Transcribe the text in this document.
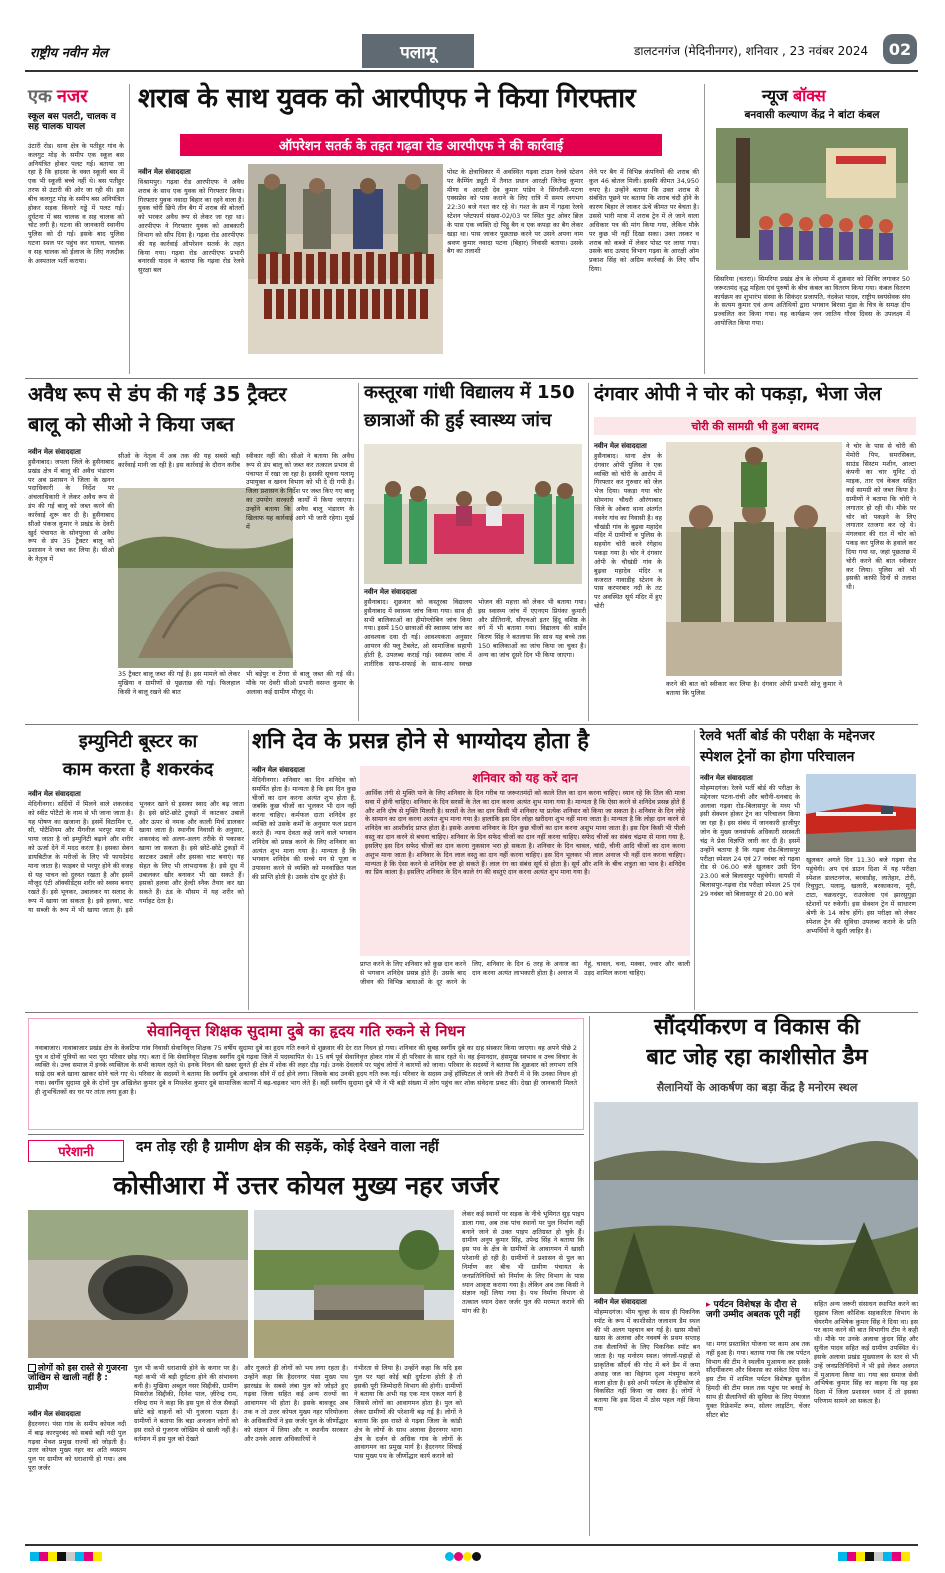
राष्ट्रीय नवीन मेल	पलामू	डालटनगंज (मेदिनीनगर), शनिवार , 23 नवंबर 2024	02
एक नजर
स्कूल बस पलटी, चालक व सह चालक घायल
उंटारी रोड। थाना क्षेत्र के पतीहुर गांव के कलगुट मोड़ के समीप एक स्कूल बस अनियंत्रित होकर पलट गई। बताया जा रहा है कि हादसा के वक्त स्कूली बस में एक भी स्कूली बच्चे नहीं थे। बस पतीहुर तरफ से उंटारी की ओर जा रही थी। इस बीच कलगुट मोड़ के समीप बस अनियंत्रित होकर सड़क किनारे गड्ढे में पलट गई। दुर्घटना में बस चालक व सह चालक को चोट लगी है। घटना की जानकारी स्थानीय पुलिस को दी गई। इसके बाद पुलिस घटना स्थल पर पहुंच कर घायल, चालक व सह चालक को ईलाज के लिए नजदीक के अस्पताल भर्ती कराया।
शराब के साथ युवक को आरपीएफ ने किया गिरफ्तार
ऑपरेशन सतर्क के तहत गढ़वा रोड आरपीएफ ने की कार्रवाई
नवीन मेल संवाददाता
विश्रामपुर। गढ़वा रोड आरपीएफ ने अवैध शराब के साथ एक युवक को गिरफ्तार किया। गिरफ्तार युवक नवादा बिहार का रहने वाला है। युवक चोरी छिपे तीन बैग में शराब की बोतलों को भरकर अवैध रूप से लेकर जा रहा था। आरपीएफ ने गिरफ्तार युवक को आबकारी विभाग को सौंप दिया है। गढ़वा रोड आरपीएफ की यह कार्रवाई ऑपरेशन सतर्क के तहत किया गया। गढ़वा रोड आरपीएफ प्रभारी बनारसी यादव ने बताया कि गढ़वा रोड रेलवे सुरक्षा बल
पोस्ट के क्षेत्राधिकार में अवस्थित गढ़वा टाउन रेलवे स्टेशन पर कैम्पिंग ड्यूटी में तैनात प्रधान आरक्षी जितेन्द्र कुमार मीणा व आरक्षी देव कुमार पांडेय ने सिंगरौली-पटना एक्सप्रेस को पास कराने के लिए रात्रि में समय लगभग 22:30 बजे गश्त कर रहे थे। गश्त के क्रम में गढ़वा रेलवे स्टेशन प्लेटफार्म संख्या-02/03 पर स्थित फुट ओवर ब्रिज के पास एक व्यक्ति दो पिट्ठू बैग व एक कपड़ा का बैग लेकर खड़ा था। पास जाकर पूछताछ करने पर उसने अपना नाम श्रवण कुमार नवादा पटना (बिहार) निवासी बताया। उसके बैग का तलाशी
लेने पर बैग में विभिन्न कंपनियों की शराब की कुल 46 बोतल मिली। इसकी कीमत 34,950 रुपए है। उन्होंने बताया कि उक्त शराब से संबंधित पूछने पर बताया कि शराब चंदौ होने के कारण बिहार ले जाकर ऊंचे कीमत पर बेचता है। उससे भारी मात्रा में शराब ट्रेन में ले जाने वाला अधिकार पत्र की मांग किया गया, लेकिन मौके पर कुछ भी नहीं दिखा सका। उक्त तस्कर व शराब को कब्जे में लेकर पोस्ट पर लाया गया। उसके बाद उत्पाद विभाग गढ़वा के आरक्षी ओम प्रकाश सिंह को अग्रिम कार्रवाई के लिए सौंप दिया।
न्यूज बॉक्स
बनवासी कल्याण केंद्र ने बांटा कंबल
सिसरिया (चतरा)। सिमरिया प्रखंड क्षेत्र के लोधमा में शुक्रवार को शिविर लगाकर 50 जरूरतमंद वृद्ध महिला एवं पुरुषों के बीच कंबल का वितरण किया गया। कंबल वितरण कार्यक्रम का शुभारंभ संस्था के सिकंदर प्रजापति, नंदकेश यादव, राष्ट्रीय स्वयंसेवक संघ के सत्यम कुमार एवं अन्य अतिथियों द्वारा भगवान बिरसा मुंडा के चित्र के समक्ष दीप प्रज्वलित कर किया गया। यह कार्यक्रम जन जातिय गौरव दिवस के उपलक्ष्य में आयोजित किया गया।
अवैध रूप से डंप की गई 35 ट्रैक्टर
बालू को सीओ ने किया जब्त
नवीन मेल संवाददाता
हुसैनाबाद। जपला जिले के हुसैनाबाद प्रखंड क्षेत्र में बालू की अवैध भंडारण पर अब प्रशासन ने जिला के खनन पदाधिकारी के निर्देश पर अंचलाधिकारी ने लेकर अवैध रूप से डंप की गई बालू को जब्त करने की कार्रवाई शुरू कर दी है। हुसैनाबाद सीओ पंकज कुमार ने प्रखंड के देवरी खुर्द पंचायत के सोनपुरवा से अवैध रूप से डंप 35 ट्रैक्टर बालू को प्रशासन ने जब्त कर लिया है। सीओ के नेतृत्व में
सीओ के नेतृत्व में अब तक की यह सबसे बड़ी कार्रवाई मानी जा रही है। इस कार्रवाई के दौरान करीब
35 ट्रैक्टर बालू जब्त की गई है। इस मामले को लेकर मुखिया व ग्रामीणों से पूछताछ की गई। फिलहाल किसी ने बालू रखने की बात
स्वीकार नहीं की। सीओ ने बताया कि अवैध रूप से डंप बालू को जब्त कर तत्काल प्रभाव से पंचायत में रखा जा रहा है। इसकी सूचना पलामू उपायुक्त व खनन विभाग को भी दे दी गयी है। जिला प्रशासन के निर्देश पर जब्त किए गए बालू का उपयोग सरकारी कार्यों में किया जाएगा। उन्होंने बताया कि अवैध बालू भंडारण के खिलाफ यह कार्रवाई आगे भी जारी रहेगा। मूर्ख में
भी बड़ेपुर व टेंगरा से बालू जब्त की गई थी। मौके पर देवरी सीओ प्रभारी वसन्त कुमार के अलावा कई ग्रामीण मौजूद थे।
कस्तूरबा गांधी विद्यालय में 150
छात्राओं की हुई स्वास्थ्य जांच
नवीन मेल संवाददाता
हुसैनाबाद। शुक्रवार को कस्तूरबा विद्यालय हुसैनाबाद में स्वास्थ्य जांच किया गया। साथ ही सभी बालिकाओं का हीमोग्लोबिन जांच किया गया। इसमें 150 छात्राओं की स्वास्थ्य जांच कर आवश्यक दवा दी गई। आवश्यकता अनुसार आयरन की फ्लू टैबलेट, ओ सामाजिक सहायी होती है, उपलब्ध कराई गई। स्वास्थ्य जांच में शारीरिक साफ-सफाई के साथ-साथ स्वच्छ भोजन की महत्ता को लेकर भी बताया गया। इस स्वास्थ्य जांच में एएनएम प्रियंका कुमारी और प्रीतिरानी, सीएचओ इतर हिंदू वशिष्ठ के वर्ग में भी बताया गया। विद्यालय की वार्डेन किरण सिंह ने बतलाया कि साथ यह बच्चे तक 150 बालिकाओं का जांच किया जा चुका है। अन्य का जांच दूसरे दिन भी किया जाएगा।
दंगवार ओपी ने चोर को पकड़ा, भेजा जेल
चोरी की सामग्री भी हुआ बरामद
नवीन मेल संवाददाता
हुसैनाबाद। थाना क्षेत्र के दंगवार ओपी पुलिस ने एक व्यक्ति को चोरी के आरोप में गिरफ्तार कर गुरुवार को जेल भेज दिया। पकड़ा गया चोर सोमनाथ चौधरी औरंगाबाद जिले के ओबरा थाना अंतर्गत नवनेर गांव का निवासी है। वह चौखंडी गांव के बुढ़वा महादेव मंदिर में ग्रामीणों व पुलिस के सहयोग चोरी करने रंगेहाथ पकड़ा गया है। चोर ने दंगवार ओपी के चौखंडी गांव के बुढ़वा महादेव मंदिर व कजरात नावाडीह स्टेशन के पास करपरबार नदी के तट पर अवस्थित सूर्य मंदिर में हुए चोरी
करने की बात को स्वीकार कर लिया है। दंगवार ओपी प्रभारी सोनू कुमार ने बताया कि पुलिस
ने चोर के पास से चोरी की मेमोरी पिप, समरसिबल, साउंड सिस्टम मशीन, आल्टा कंपनी का चार यूनिट दो माइक, तार एवं केबल सहित कई सामग्री को जब्त किया है। ग्रामीणों ने बताया कि चोरी ने लगातार हो रही थी। मौके पर चोर को पकड़ने के लिए लगातार रतजगा कर रहे थे। मंगलवार की रात में चोर को पकड़ कर पुलिस के हवाले कर दिया गया था, जहां पूछताछ में चोरी करने की बात स्वीकार कर लिया। पुलिस को भी इसकी काफी दिनों से तलाश थी।
इम्युनिटी बूस्टर का
काम करता है शकरकंद
नवीन मेल संवाददाता
मेदिनीनगर। सर्दियों में मिलने वाले शकरकंद को स्वीट पोटैटो के नाम से भी जाना जाता है। यह पोषण का खजाना है। इसमें विटामिन ए, सी, पोटैशियम और मैंगनीज भरपूर मात्रा में पाया जाता है जो इम्युनिटी बढ़ाने और शरीर को ऊर्जा देने में मदद करता है। इसका सेवन डायबिटीज के मरीजों के लिए भी फायदेमंद माना जाता है। फाइबर से भरपूर होने की वजह से यह पाचन को दुरुस्त रखता है और इसमें मौजूद एंटी ऑक्सीडेंट्स शरीर को स्वस्थ बनाए रखते हैं। इसे भूनकर, उबालकर या सलाद के रूप में खाया जा सकता है। इसे हलवा, चाट या सब्जी के रूप में भी खाया जाता है। इसे भूनकर खाने से इसका स्वाद और बढ़ जाता है। इसे छोटे-छोटे टुकड़ों में काटकर उबालें और ऊपर से नमक और काली मिर्च डालकर खाया जाता है। स्थानीय निवासी के अनुसार, शकरकंद को अलग-अलग तरीके से पकाकर खाया जा सकता है। इसे छोटे-छोटे टुकड़ों में काटकर उबालें और इसका चाट बनाएं। यह सेहत के लिए भी लाभदायक है। इसे दूध में उबालकर खीर बनाकर भी खा सकते हैं। इसको हलवा और हेल्दी स्नैक तैयार कर खा सकते हैं। ठंड के मौसम में यह शरीर को गर्माहट देता है।
शनि देव के प्रसन्न होने से भाग्योदय होता है
नवीन मेल संवाददाता
मेदिनीनगर। शनिवार का दिन शनिदेव को समर्पित होता है। मान्यता है कि इस दिन कुछ चीजों का दान करना अत्यंत शुभ होता है, जबकि कुछ चीजों का भूलकर भी दान नहीं करना चाहिए। कर्मफल दाता शनिदेव हर व्यक्ति को उसके कर्मों के अनुसार फल प्रदान करते हैं। न्याय देवता कहे जाने वाले भगवान शनिदेव को प्रसन्न करने के लिए शनिवार का अत्यंत शुभ माना गया है। मान्यता है कि भगवान शनिदेव की सच्चे मन से पूजा व उपासना करने से व्यक्ति को मनवांछित फल की प्राप्ति होती है। उसके दोष दूर होते हैं।
शनिवार को यह करें दान
आर्थिक तंगी से मुक्ति पाने के लिए शनिवार के दिन गरीब या जरूरतमंदों को काले तिल का दान करना चाहिए। ध्यान रहे कि तिल की मात्रा सवा में होनी चाहिए। शनिवार के दिन सरसों के तेल का दान करना अत्यंत शुभ माना गया है। मान्यता है कि ऐसा करने से शनिदेव प्रसन्न होते हैं और शनि दोष से मुक्ति मिलती है। सरसों के तेल का दान किसी भी शनिवार या प्रत्येक शनिवार को किया जा सकता है। शनिवार के दिन लोहे के सामान का दान करना अत्यंत शुभ माना गया है। हालांकि इस दिन लोहा खरीदना शुभ नहीं माना जाता है। मान्यता है कि लोहा दान करने से शनिदेव का आशीर्वाद प्राप्त होता है। इसके अलावा शनिवार के दिन कुछ चीजों का दान करना अशुभ माना जाता है। इस दिन किसी भी पीली वस्तु का दान करने से बचना चाहिए। शनिवार के दिन सफेद चीजों का दान नहीं करना चाहिए। सफेद चीजों का संबंध चंद्रमा से माना गया है, इसलिए इस दिन सफेद चीजों का दान करना नुकसान भरा हो सकता है। शनिवार के दिन चावल, चांदी, चीनी आदि चीजों का दान करना अशुभ माना जाता है। शनिवार के दिन लाल वस्तु का दान नहीं करना चाहिए। इस दिन भूलकर भी लाल अनाज भी नहीं दान करना चाहिए। मान्यता है कि ऐसा करने से शनिदेव रुष्ट हो सकते हैं। लाल रंग का संबंध सूर्य से होता है। सूर्य और शनि के बीच शत्रुता का भाव है। शनिदेव का प्रिय काला है। इसलिए शनिवार के दिन काले रंग की वस्तुएं दान करना अत्यंत शुभ माना गया है।
प्राप्त करने के लिए शनिवार को कुछ दान करने से भगवान शनिदेव प्रसन्न होते हैं। उसके बाद जीवन की विभिन्न बाधाओं के दूर करने के लिए, शनिवार के दिन 6 तरह के अनाज का दान करना अत्यंत लाभकारी होता है। अनाज में गेहूं, चावल, चना, मक्का, ज्वार और काली उड़द शामिल करना चाहिए।
रेलवे भर्ती बोर्ड की परीक्षा के मद्देनजर
स्पेशल ट्रेनों का होगा परिचालन
नवीन मेल संवाददाता
मोहम्मदगंज। रेलवे भर्ती बोर्ड की परीक्षा के मद्देनजर पटना-रांची और बरौनी-धनबाद के अलावा गढ़वा रोड-बिलासपुर के मध्य भी इसी सेक्शन होकर ट्रेन का परिचालन किया जा रहा है। इस संबंध में जानकारी हाजीपुर जोन के मुख्य जनसंपर्क अधिकारी सरस्वती चंद्र ने प्रेस विज्ञप्ति जारी कर दी है। इसमें उन्होंने बताया है कि गढ़वा रोड-बिलासपुर परीक्षा स्पेशल 24 एवं 27 नवंबर को गढ़वा रोड से 06.00 बजे खुलकर उसी दिन 23.00 बजे बिलासपुर पहुंचेगी। वापसी में बिलासपुर-गढ़वा रोड परीक्षा स्पेशल 25 एवं 29 नवंबर को बिलासपुर से 20.00 बजे
खुलकर अगले दिन 11.30 बजे गढ़वा रोड पहुंचेगी। अप एवं डाउन दिशा में यह परीक्षा स्पेशल डालटनगंज, बरवाडीह, लातेहार, टोरी, रिचुघुटा, पलामू, खलारी, बरकाकाना, मूरी, टाटा, चक्रधरपुर, राउरकेला एवं झारसुगुड़ा स्टेशनों पर रुकेगी। इस सेक्शन ट्रेन में साधारण श्रेणी के 14 कोच होंगे। इस परीक्षा को लेकर स्पेशल ट्रेन की सुविधा उपलब्ध कराने के प्रति अभ्यर्थियों ने खुशी जाहिर है।
सेवानिवृत्त शिक्षक सुदामा दुबे का हृदय गति रुकने से निधन
नवाबाजार। नावाबाजार प्रखंड क्षेत्र के केवटिया गांव निवासी सेवानिवृत्त शिक्षक 75 वर्षीय सुदामा दुबे का हृदय गति रुकने से शुक्रवार की देर रात निधन हो गया। शनिवार की सुबह स्वर्गीय दुबे का दाह संस्कार किया जाएगा। वह अपने पीछे 2 पुत्र व दोनों पुत्रियों का भरा पूरा परिवार छोड़ गए। बता दें कि सेवानिवृत्त शिक्षक स्वर्गीय दुबे गढ़वा जिले में पदस्थापित थे। 15 वर्ष पूर्व सेवानिवृत्त होकर गांव में ही परिवार के साथ रहते थे। वह ईमानदार, हंसमुख स्वभाव व उच्च विचार के व्यक्ति थे। उच्च समाज में इनके व्यक्तित्व के सभी कायल रहते थे। इनके निधन की खबर सुनते ही क्षेत्र में शोक की लहर दौड़ गई। उनके देवलाये पर पहुंच लोगों ने कारणों को जाना। परिवार के सदस्यों ने बताया कि शुक्रवार को लगभग रात्रि साढ़े दस बजे खाना खाकर सोने चले गए थे। परिवार के सदस्यों ने बताया कि स्वर्गीय दुबे अचानक सीने में दर्द होने लगा। जिसके बाद उनकी हृदय गति रुक गई। परिवार के सदस्य उन्हें हॉस्पिटल ले जाने की तैयारी में थे कि उनका निधन हो गया। स्वर्गीय सुदामा दुबे के दोनों पुत्र अखिलेश कुमार दुबे व मिथलेश कुमार दुबे सामाजिक कार्यों में बढ़-चढ़कर भाग लेते हैं। वहीं स्वर्गीय सुदामा दुबे भी ने भी बड़ी संख्या में लोग पहुंच कर शोक संवेदना प्रकट की। देखा ही जानकारी मिलते ही शुभचिंतकों का घर पर तांता लगा हुआ है।
सौंदर्यीकरण व विकास की
बाट जोह रहा काशीसोत डैम
सैलानियों के आकर्षण का बड़ा केंद्र है मनोरम स्थल
नवीन मेल संवाददाता
मोहम्मदगंज। भीम चूल्हा के साथ ही पिकनिक स्पॉट के रूप में काशीसोत जलाशय डैम स्थल की भी अलग पहचान बन गई है। खास मौकों खास के अलावा और नववर्ष के प्रथम सप्ताह तक सैलानियों के लिए पिकनिक स्पॉट बन जाता है। यह मनोरम स्थल। जंगलों-पहाड़ों से प्राकृतिक सौंदर्य की गोद में बने डैम में जमा अथाह जल का विहंगम दृश्य मंत्रमुग्ध करने वाला होता है। इसे अभी पर्यटन के दृष्टिकोण से विकसित नहीं किया जा सका है। लोगों ने बताया कि इस दिशा में ठोस पहल नहीं किया गया
▸ पर्यटन विशेषज्ञ के दौरा से जगी उम्मीद अबतक पूरी नहीं
था। मगर प्रस्तावित योजना पर काम अब तक नहीं हुआ है। गया। बताया गया कि तब पर्यटन विभाग की टीम ने स्थलीय मुआयना कर इसके सौंदर्यीकरण और विकास का संकेत दिया था। इस टीम में शामिल पर्यटन विशेषज्ञ सुशील हिमदी की टीम स्थल तक पहुंच पर बनाई के साथ ही सैलानियों की सुविधा के लिए पेयजल युक्त रिफ्रेशमेंट रूम, सोलर लाइटिंग, चेंजर सीटर बोट
सहित अन्य जरूरी संसाधन स्थापित करने का सुझाव जिला कौशिक सहकारिता विभाग के चेयरमैन अभिषेक कुमार सिंह ने दिया था। इस पर काम करने की बात विभागीय टीम ने कही थी। मौके पर उनके अलावा कुंदन सिंह और सुनील यादव सहित कई ग्रामीण उपस्थित थे। इसके अलावा प्रखंड मुख्यालय के स्तर से भी उन्हें जनप्रतिनिधियों ने भी इसे लेकर अवगत में मुआयना किया था। गया बस समाज सेवी अभिषेक कुमार सिंह का कहना कि यह इस दिशा में जिला प्रशासन ध्यान दें तो इसका परिणाम सामने आ सकता है।
परेशानी	दम तोड़ रही है ग्रामीण क्षेत्र की सड़कें, कोई देखने वाला नहीं
कोसीआरा में उत्तर कोयल मुख्य नहर जर्जर
लोगों को इस रास्ते से गुजरना जोखिम से खाली नहीं है : ग्रामीण
नवीन मेल संवाददाता
हैदरनगर। पंसा गांव के समीप कोयल नदी में बाढ़ कारपुरबंद को सबसे बड़ी नदी पुल गढ़वा मेवश प्रमुख राज्यों को जोड़ती है। उत्तर कोयल मुख्य नहर का अति व्यस्तम पुल पर ग्रामीण को धराशायी हो गया। अब पूरा जर्जर
पुल भी कभी धराशायी होने के कगार पर है। यहां कभी भी बड़ी दुर्घटना होने की संभावना बनी है। मुखिया अब्दुल नसर सिद्दीकी, ग्रामीण मिसरोज सिद्दीकी, दिनेश पाल, ज़ीरेन्द्र राम, रविन्द्र राम ने कहा कि इस पुल से रोज सैकड़ों छोटे बड़े वाहनों को भी गुजरना पड़ता है। ग्रामीणों ने बताया कि बड़ा अनजान लोगों को इस रास्ते से गुजरना जोखिम से खाली नहीं है। वर्तमान में इस पुल को देखते
और गुजरते ही लोगों को भय लगा रहता है। उन्होंने कहा कि हैदरनगर पंसा मुख्य पथ झारखंड के सबसे लंबा पुल को जोड़ते हुए गढ़वा जिला सहित कई अन्य राज्यों का आवागमन भी होता है। इसके बावजूद अब तक न तो उत्तर कोयल मुख्य नहर परियोजना के अधिकारियों ने इस जर्जर पुल के जीर्णोद्धार को संज्ञान में लिया और न स्थानीय सरकार और उनके आला अधिकारियों ने
गंभीरता से लिया है। उन्होंने कहा कि यदि इस पुल पर यहां कोई बड़ी दुर्घटना होती है तो इसकी पूरी जिम्मेदारी विभाग की होगी। ग्रामीणों ने बताया कि अभी यह एक मात्र एकल मार्ग है जिससे लोगों का आवागमन होता है। पुल को लेकर ग्रामीणों की परेशानी बढ़ गई है। लोगों ने बताया कि इस रास्ते से गढ़वा जिला के कांडी क्षेत्र के लोगों के साथ अलावा हैदरनगर थाना क्षेत्र के दर्जन से अधिक गांव के लोगों के आवागमन का प्रमुख मार्ग है। हैदरनगर सिंचाई पास मुख्य पथ के जीर्णोद्धार कार्य कराने को
लेकर कई स्थानों पर सड़क के नीचे भूमिगत सुड़ पाइप डाला गया, अब तक पांच स्थानों पर पुल निर्माण नहीं बनाने जाने से उक्त पाइप क्षतिग्रस्त हो चुके हैं। ग्रामीण अनूप कुमार सिंह, उपेन्द्र सिंह ने बताया कि इस पथ के क्षेत्र के ग्रामीणों के आवागमन में खासी परेशानी हो रही है। ग्रामीणों ने प्रशासन से पुल का निर्माण कर बीच भी ग्रामीण पंचायत के जनप्रतिनिधियों को निर्माण के लिए विभाग के पास ध्यान आकृष्ट कराया गया है। लेकिन अब तक किसी ने संज्ञान नहीं लिया गया है। पथ निर्माण विभाग से तत्काल ध्यान देकर जर्जर पुल की मरम्मत कराने की मांग की है।
